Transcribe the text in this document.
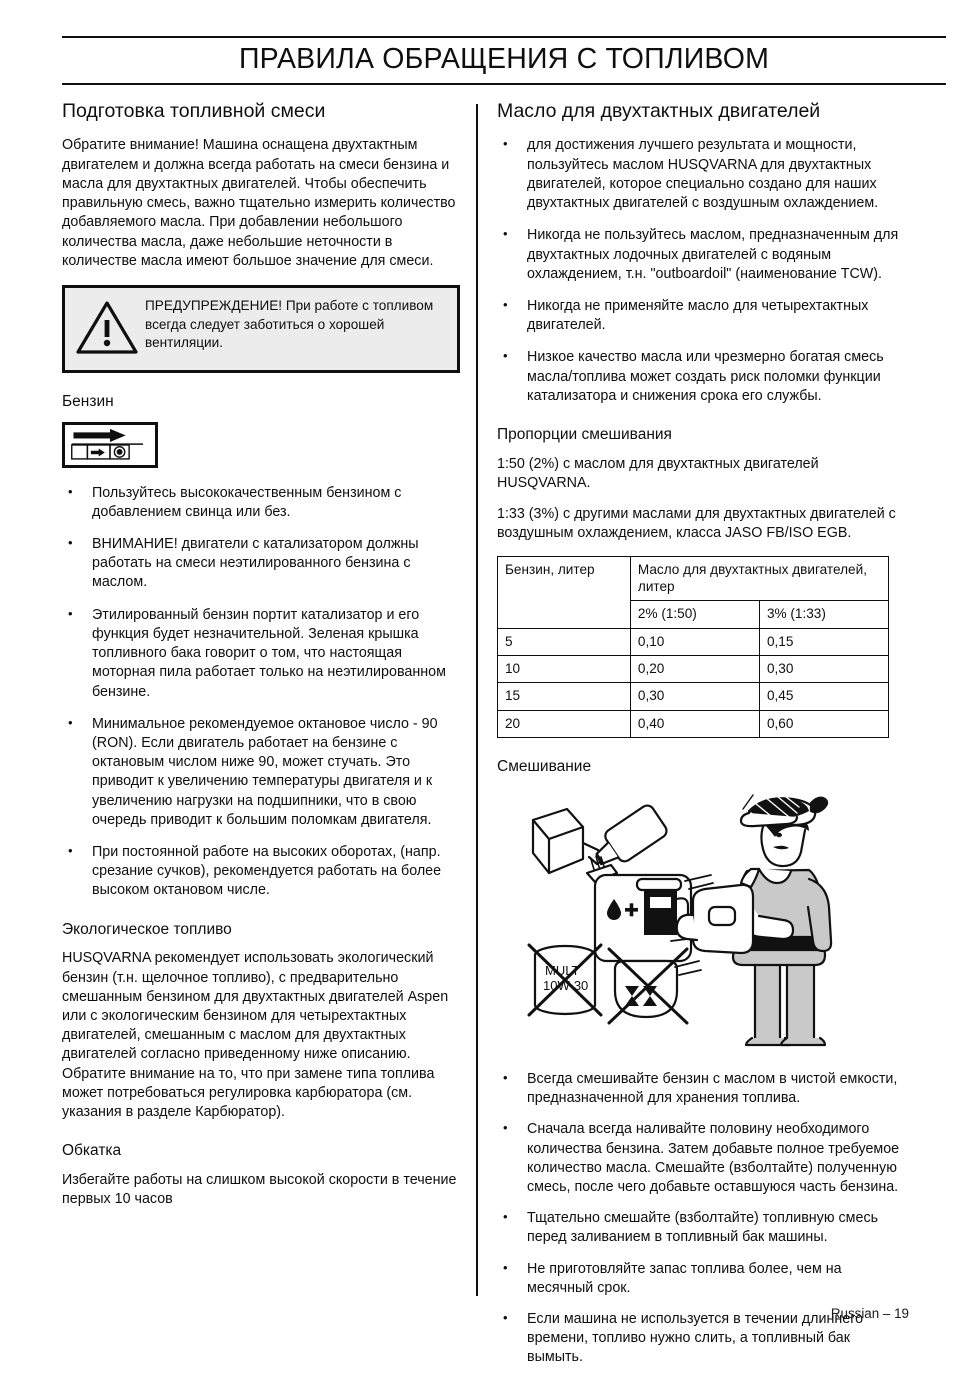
ПРАВИЛА ОБРАЩЕНИЯ С ТОПЛИВОМ
Подготовка топливной смеси

Обратите внимание! Машина оснащена двухтактным двигателем и должна всегда работать на смеси бензина и масла для двухтактных двигателей. Чтобы обеспечить правильную смесь, важно тщательно измерить количество добавляемого масла. При добавлении небольшого количества масла, даже небольшие неточности в количестве масла имеют большое значение для смеси.

ПРЕДУПРЕЖДЕНИЕ! При работе с топливом всегда следует заботиться о хорошей вентиляции.
Бензин
• Пользуйтесь высококачественным бензином с добавлением свинца или без.
• ВНИМАНИЕ! двигатели с катализатором должны работать на смеси неэтилированного бензина с маслом.
• Этилированный бензин портит катализатор и его функция будет незначительной. Зеленая крышка топливного бака говорит о том, что настоящая моторная пила работает только на неэтилированном бензине.
• Минимальное рекомендуемое октановое число - 90 (RON). Если двигатель работает на бензине с октановым числом ниже 90, может стучать. Это приводит к увеличению температуры двигателя и к увеличению нагрузки на подшипники, что в свою очередь приводит к большим поломкам двигателя.
• При постоянной работе на высоких оборотах, (напр. срезание сучков), рекомендуется работать на более высоком октановом числе.
Экологическое топливо

HUSQVARNA рекомендует использовать экологический бензин (т.н. щелочное топливо), с предварительно смешанным бензином для двухтактных двигателей Aspen или с экологическим бензином для четырехтактных двигателей, смешанным с маслом для двухтактных двигателей согласно приведенному ниже описанию. Обратите внимание на то, что при замене типа топлива может потребоваться регулировка карбюратора (см. указания в разделе Карбюратор).

Обкатка

Избегайте работы на слишком высокой скорости в течение первых 10 часов

Масло для двухтактных двигателей
• для достижения лучшего результата и мощности, пользуйтесь маслом HUSQVARNA для двухтактных двигателей, которое специально создано для наших двухтактных двигателей с воздушным охлаждением.
• Никогда не пользуйтесь маслом, предназначенным для двухтактных лодочных двигателей с водяным охлаждением, т.н. "outboardoil" (наименование TCW).
• Никогда не применяйте масло для четырехтактных двигателей.
• Низкое качество масла или чрезмерно богатая смесь масла/топлива может создать риск поломки функции катализатора и снижения срока его службы.
Пропорции смешивания

1:50 (2%) с маслом для двухтактных двигателей HUSQVARNA.

1:33 (3%) с другими маслами для двухтактных двигателей с воздушным охлаждением, класса JASO FB/ISO EGB.

Бензин, литер	Масло для двухтактных двигателей, литер	
	2% (1:50)	3% (1:33)
5	0,10	0,15
10	0,20	0,30
15	0,30	0,45
20	0,40	0,60
Смешивание
MULT
10W-30
• Всегда смешивайте бензин с маслом в чистой емкости, предназначенной для хранения топлива.
• Сначала всегда наливайте половину необходимого количества бензина. Затем добавьте полное требуемое количество масла. Смешайте (взболтайте) полученную смесь, после чего добавьте оставшуюся часть бензина.
• Тщательно смешайте (взболтайте) топливную смесь перед заливанием в топливный бак машины.
• Не приготовляйте запас топлива более, чем на месячный срок.
• Если машина не используется в течении длиннего времени, топливо нужно слить, а топливный бак вымыть.
Russian – 19
